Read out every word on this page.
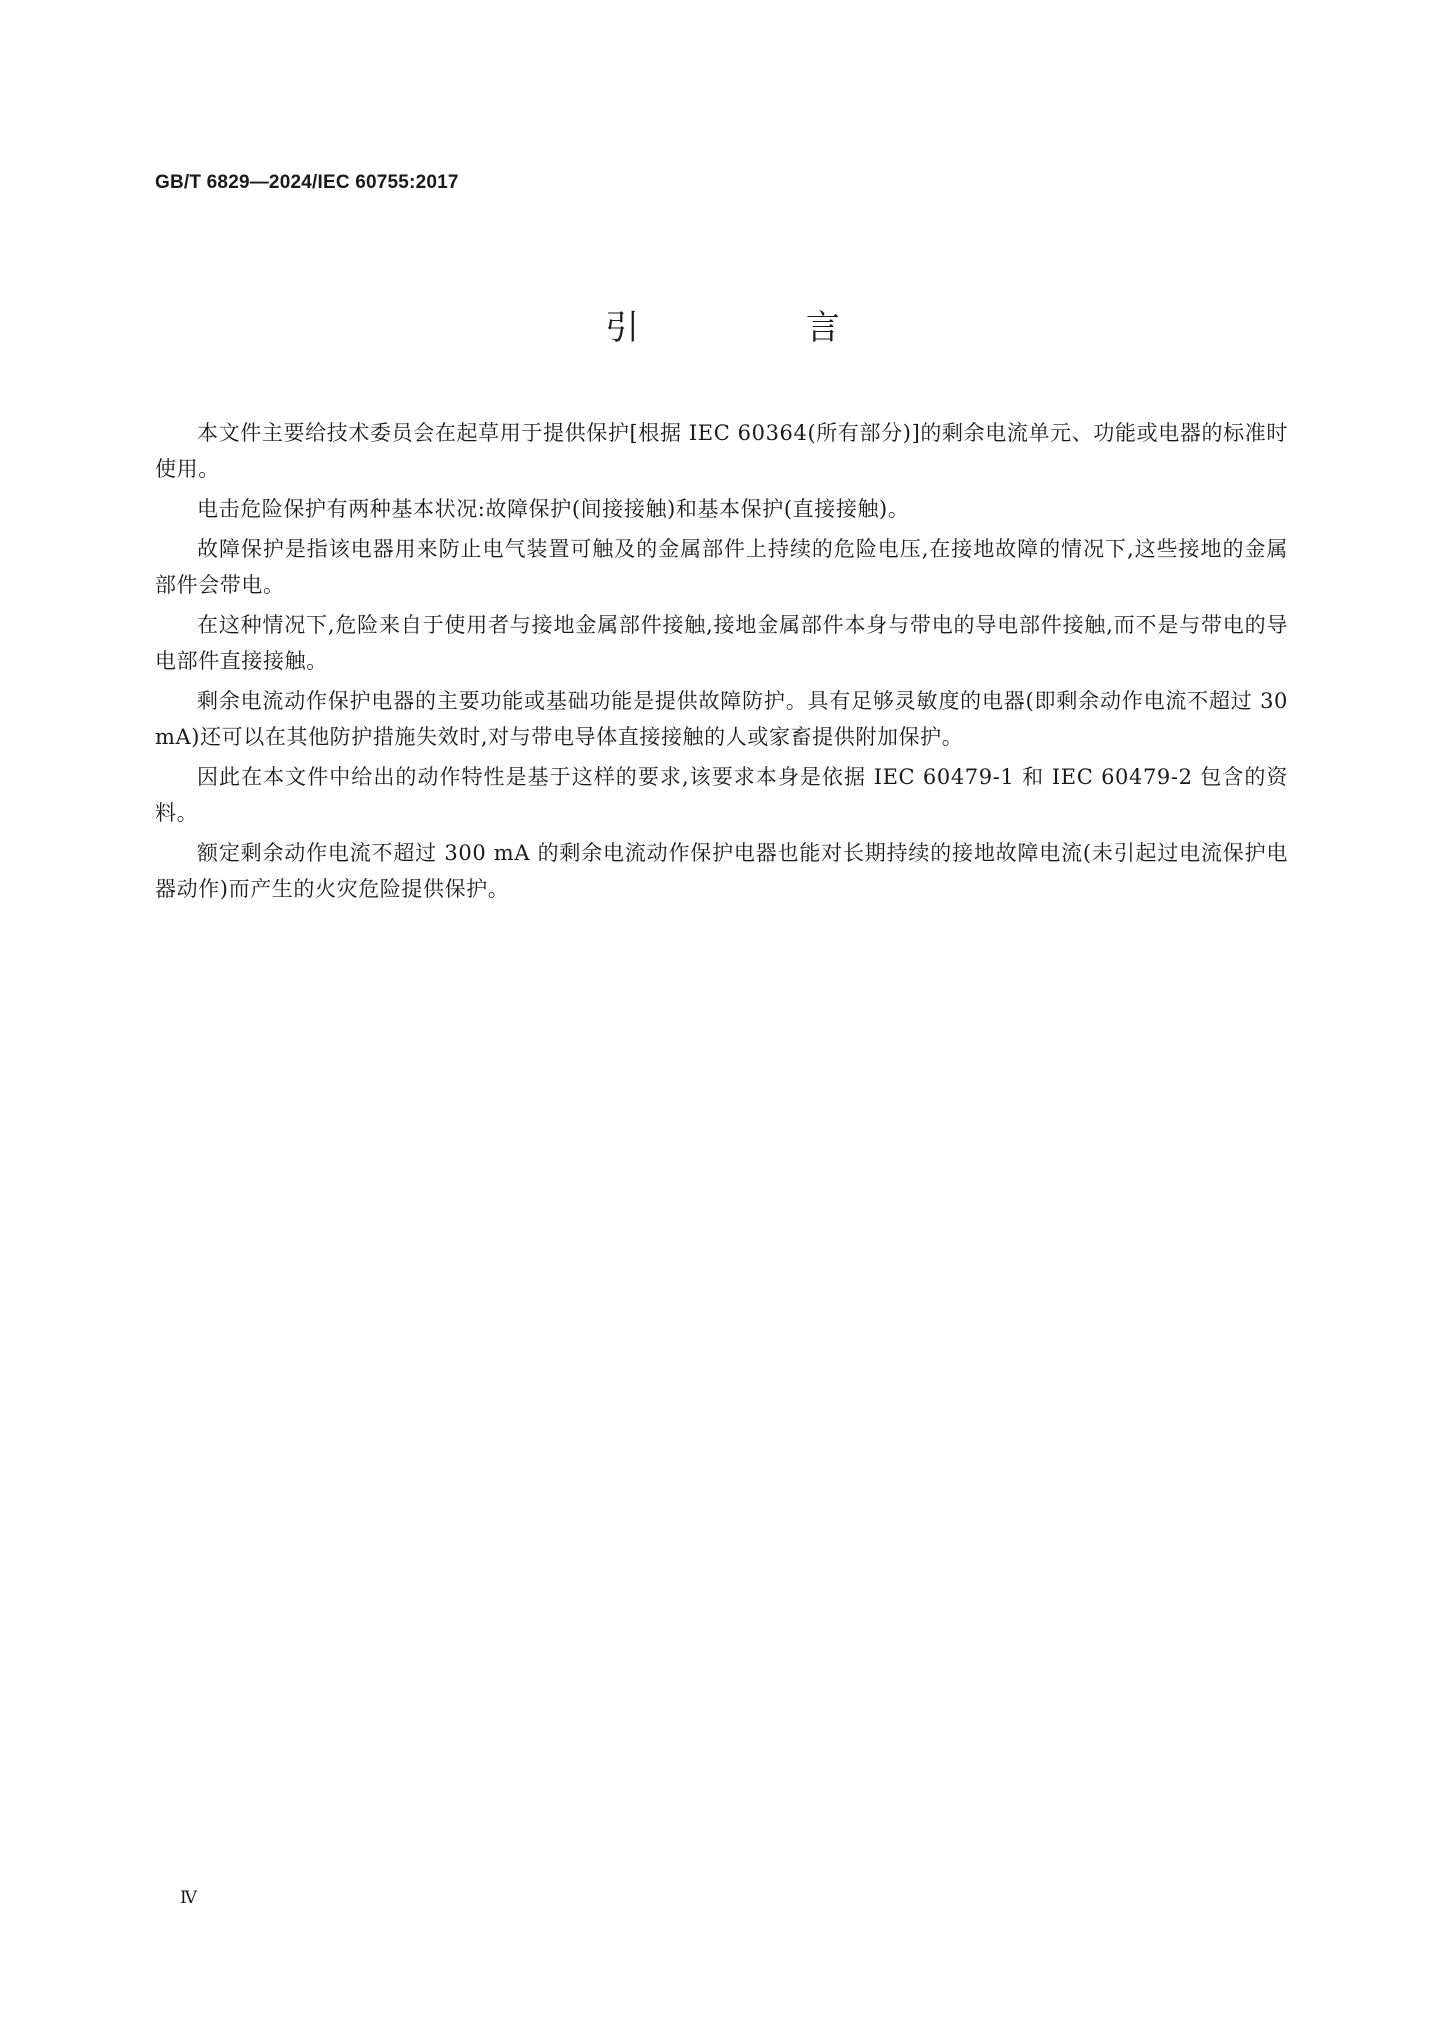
GB/T 6829—2024/IEC 60755:2017
引 言

本文件主要给技术委员会在起草用于提供保护[根据 IEC 60364(所有部分)]的剩余电流单元、功能或电器的标准时使用。

电击危险保护有两种基本状况:故障保护(间接接触)和基本保护(直接接触)。

故障保护是指该电器用来防止电气装置可触及的金属部件上持续的危险电压,在接地故障的情况下,这些接地的金属部件会带电。

在这种情况下,危险来自于使用者与接地金属部件接触,接地金属部件本身与带电的导电部件接触,而不是与带电的导电部件直接接触。

剩余电流动作保护电器的主要功能或基础功能是提供故障防护。具有足够灵敏度的电器(即剩余动作电流不超过 30 mA)还可以在其他防护措施失效时,对与带电导体直接接触的人或家畜提供附加保护。

因此在本文件中给出的动作特性是基于这样的要求,该要求本身是依据 IEC 60479-1 和 IEC 60479-2 包含的资料。

额定剩余动作电流不超过 300 mA 的剩余电流动作保护电器也能对长期持续的接地故障电流(未引起过电流保护电器动作)而产生的火灾危险提供保护。

Ⅳ
